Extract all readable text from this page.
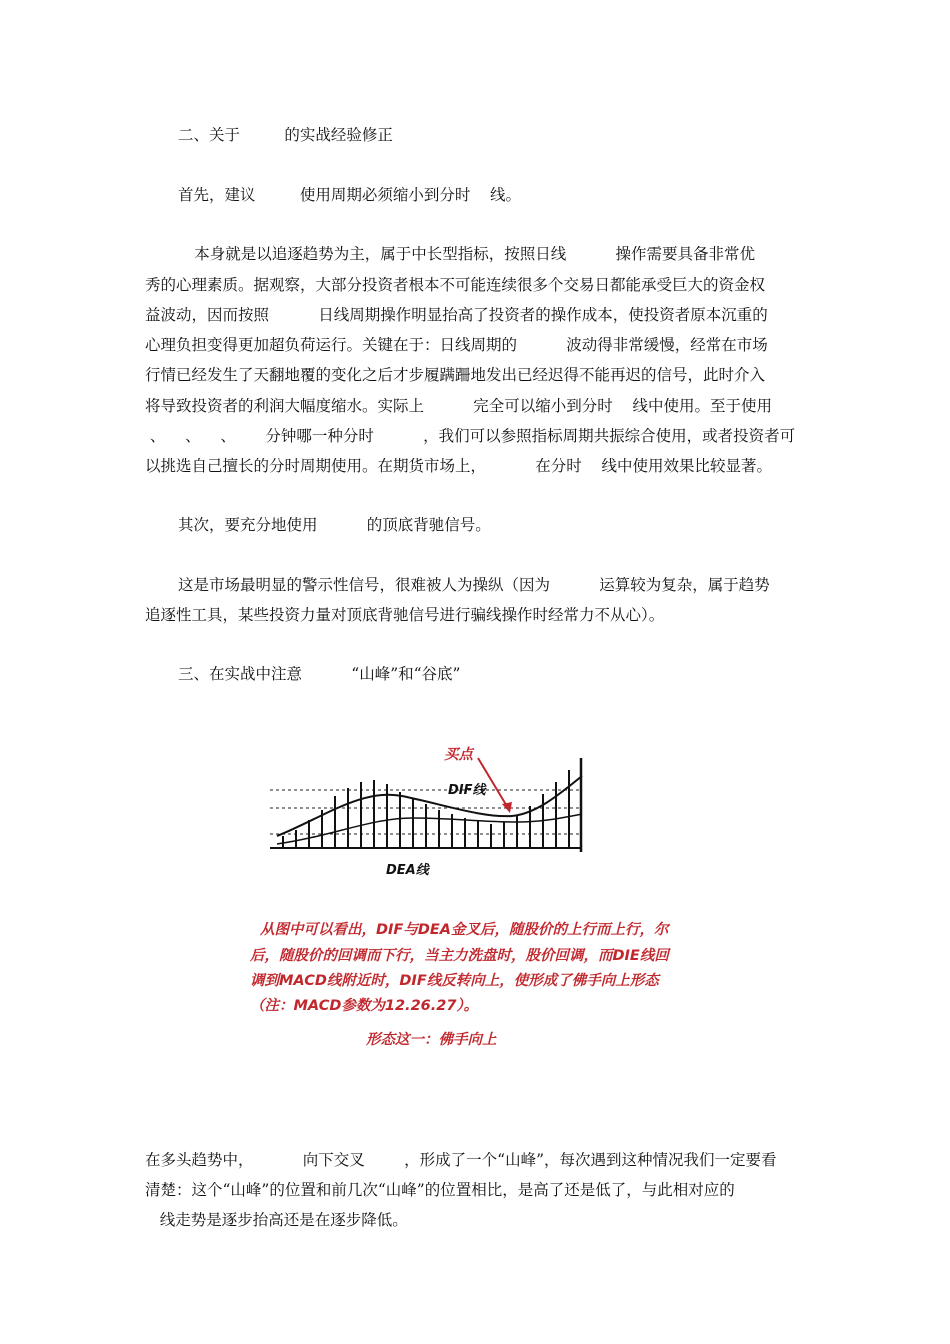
二、关于         的实战经验修正
首先，建议         使用周期必须缩小到分时    线。
本身就是以追逐趋势为主，属于中长型指标，按照日线          操作需要具备非常优
秀的心理素质。据观察，大部分投资者根本不可能连续很多个交易日都能承受巨大的资金权
益波动，因而按照          日线周期操作明显抬高了投资者的操作成本，使投资者原本沉重的
心理负担变得更加超负荷运行。关键在于：日线周期的          波动得非常缓慢，经常在市场
行情已经发生了天翻地覆的变化之后才步履蹒跚地发出已经迟得不能再迟的信号，此时介入
将导致投资者的利润大幅度缩水。实际上          完全可以缩小到分时    线中使用。至于使用
、    、    、      分钟哪一种分时          ，我们可以参照指标周期共振综合使用，或者投资者可
以挑选自己擅长的分时周期使用。在期货市场上，          在分时    线中使用效果比较显著。
其次，要充分地使用          的顶底背驰信号。
这是市场最明显的警示性信号，很难被人为操纵（因为          运算较为复杂，属于趋势
追逐性工具，某些投资力量对顶底背驰信号进行骗线操作时经常力不从心）。
三、在实战中注意          “山峰”和“谷底”
买点
DIF线
DEA线
从图中可以看出，DIF与DEA金叉后，随股价的上行而上行，尔
后，随股价的回调而下行，当主力洗盘时，股价回调，而DIE线回
调到MACD线附近时，DIF线反转向上，使形成了佛手向上形态
（注：MACD参数为12.26.27）。
形态这一：佛手向上
在多头趋势中，          向下交叉        ，形成了一个“山峰”，每次遇到这种情况我们一定要看
清楚：这个“山峰”的位置和前几次“山峰”的位置相比，是高了还是低了，与此相对应的
线走势是逐步抬高还是在逐步降低。
